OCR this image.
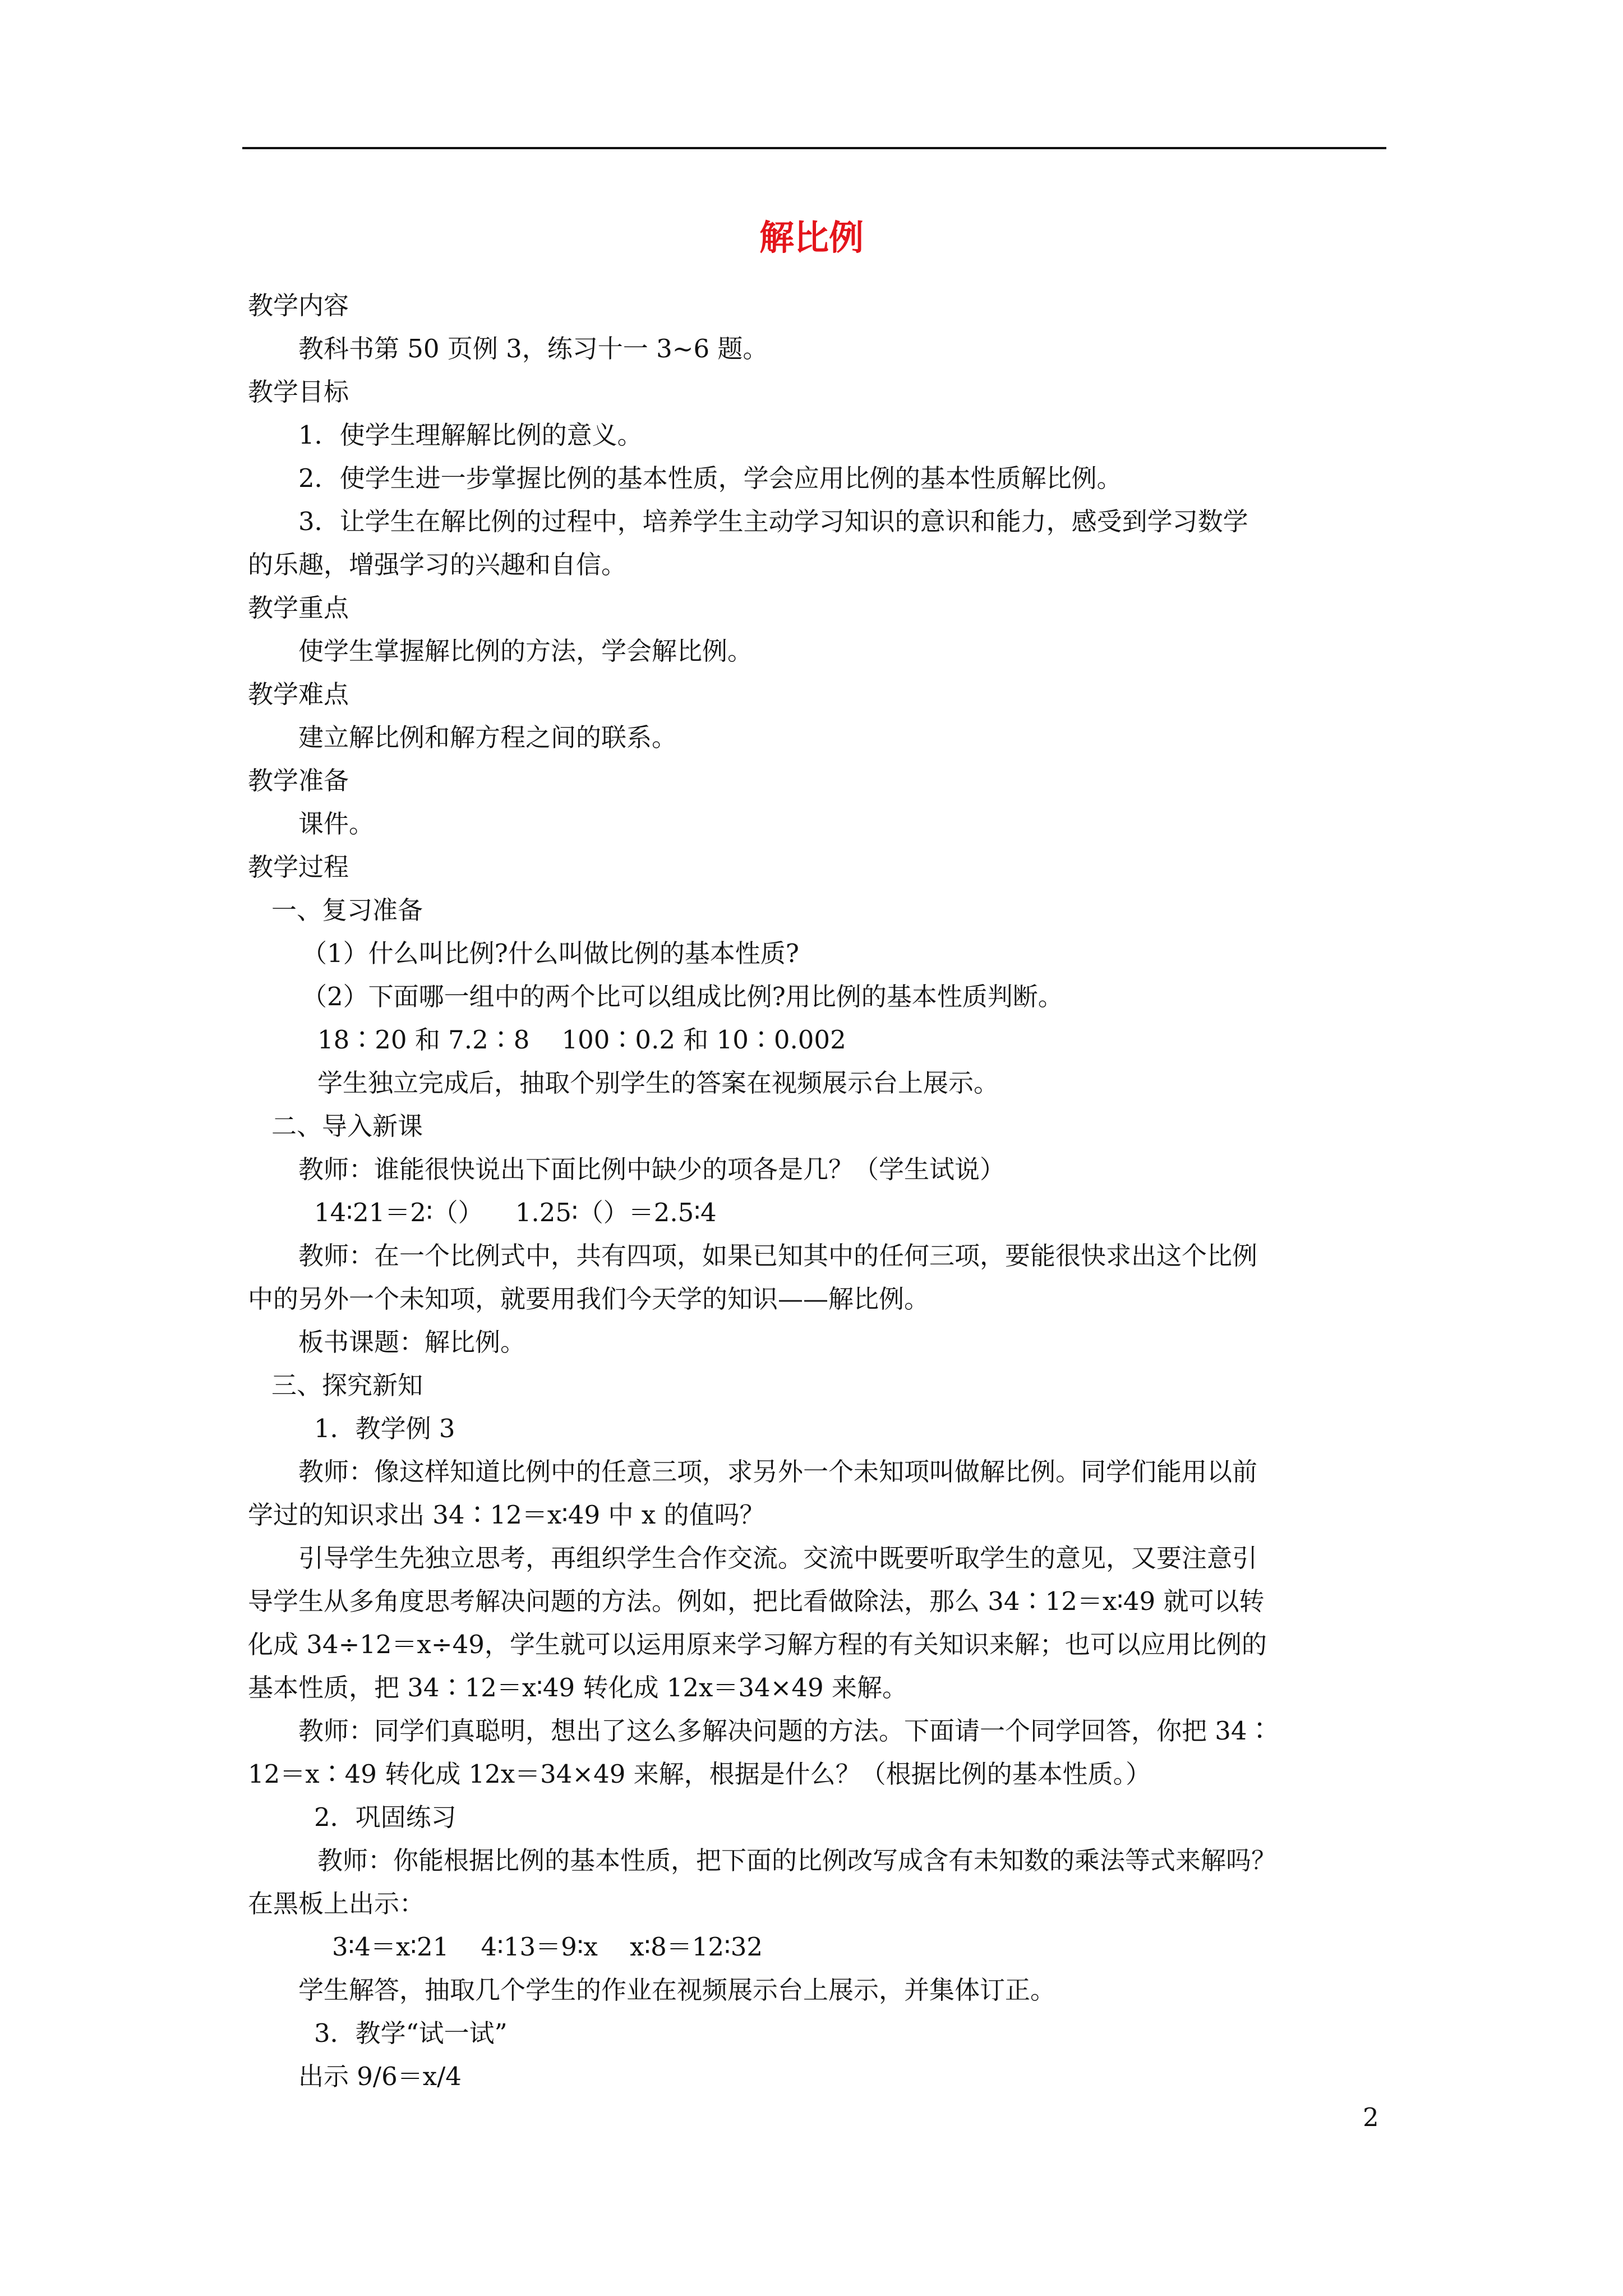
解比例

教学内容

教科书第 50 页例 3，练习十一 3~6 题。

教学目标

1．使学生理解解比例的意义。

2．使学生进一步掌握比例的基本性质，学会应用比例的基本性质解比例。

3．让学生在解比例的过程中，培养学生主动学习知识的意识和能力，感受到学习数学

的乐趣，增强学习的兴趣和自信。

教学重点

使学生掌握解比例的方法，学会解比例。

教学难点

建立解比例和解方程之间的联系。

教学准备

课件。

教学过程

一、复习准备

（1）什么叫比例?什么叫做比例的基本性质?

（2）下面哪一组中的两个比可以组成比例?用比例的基本性质判断。

18∶20 和 7.2∶8    100∶0.2 和 10∶0.002

学生独立完成后，抽取个别学生的答案在视频展示台上展示。

二、导入新课

教师：谁能很快说出下面比例中缺少的项各是几？（学生试说）

14∶21＝2∶（）    1.25∶（）＝2.5∶4

教师：在一个比例式中，共有四项，如果已知其中的任何三项，要能很快求出这个比例

中的另外一个未知项，就要用我们今天学的知识——解比例。

板书课题：解比例。

三、探究新知

1．教学例 3

教师：像这样知道比例中的任意三项，求另外一个未知项叫做解比例。同学们能用以前

学过的知识求出 34∶12＝x∶49 中 x 的值吗？

引导学生先独立思考，再组织学生合作交流。交流中既要听取学生的意见，又要注意引

导学生从多角度思考解决问题的方法。例如，把比看做除法，那么 34∶12＝x∶49 就可以转

化成 34÷12＝x÷49，学生就可以运用原来学习解方程的有关知识来解；也可以应用比例的

基本性质，把 34∶12＝x∶49 转化成 12x＝34×49 来解。

教师：同学们真聪明，想出了这么多解决问题的方法。下面请一个同学回答，你把 34∶

12＝x∶49 转化成 12x＝34×49 来解，根据是什么？（根据比例的基本性质。）

2．巩固练习

教师：你能根据比例的基本性质，把下面的比例改写成含有未知数的乘法等式来解吗？

在黑板上出示：

3∶4＝x∶21    4∶13＝9∶x    x∶8＝12∶32

学生解答，抽取几个学生的作业在视频展示台上展示，并集体订正。

3．教学“试一试”

出示 9/6＝x/4

2
